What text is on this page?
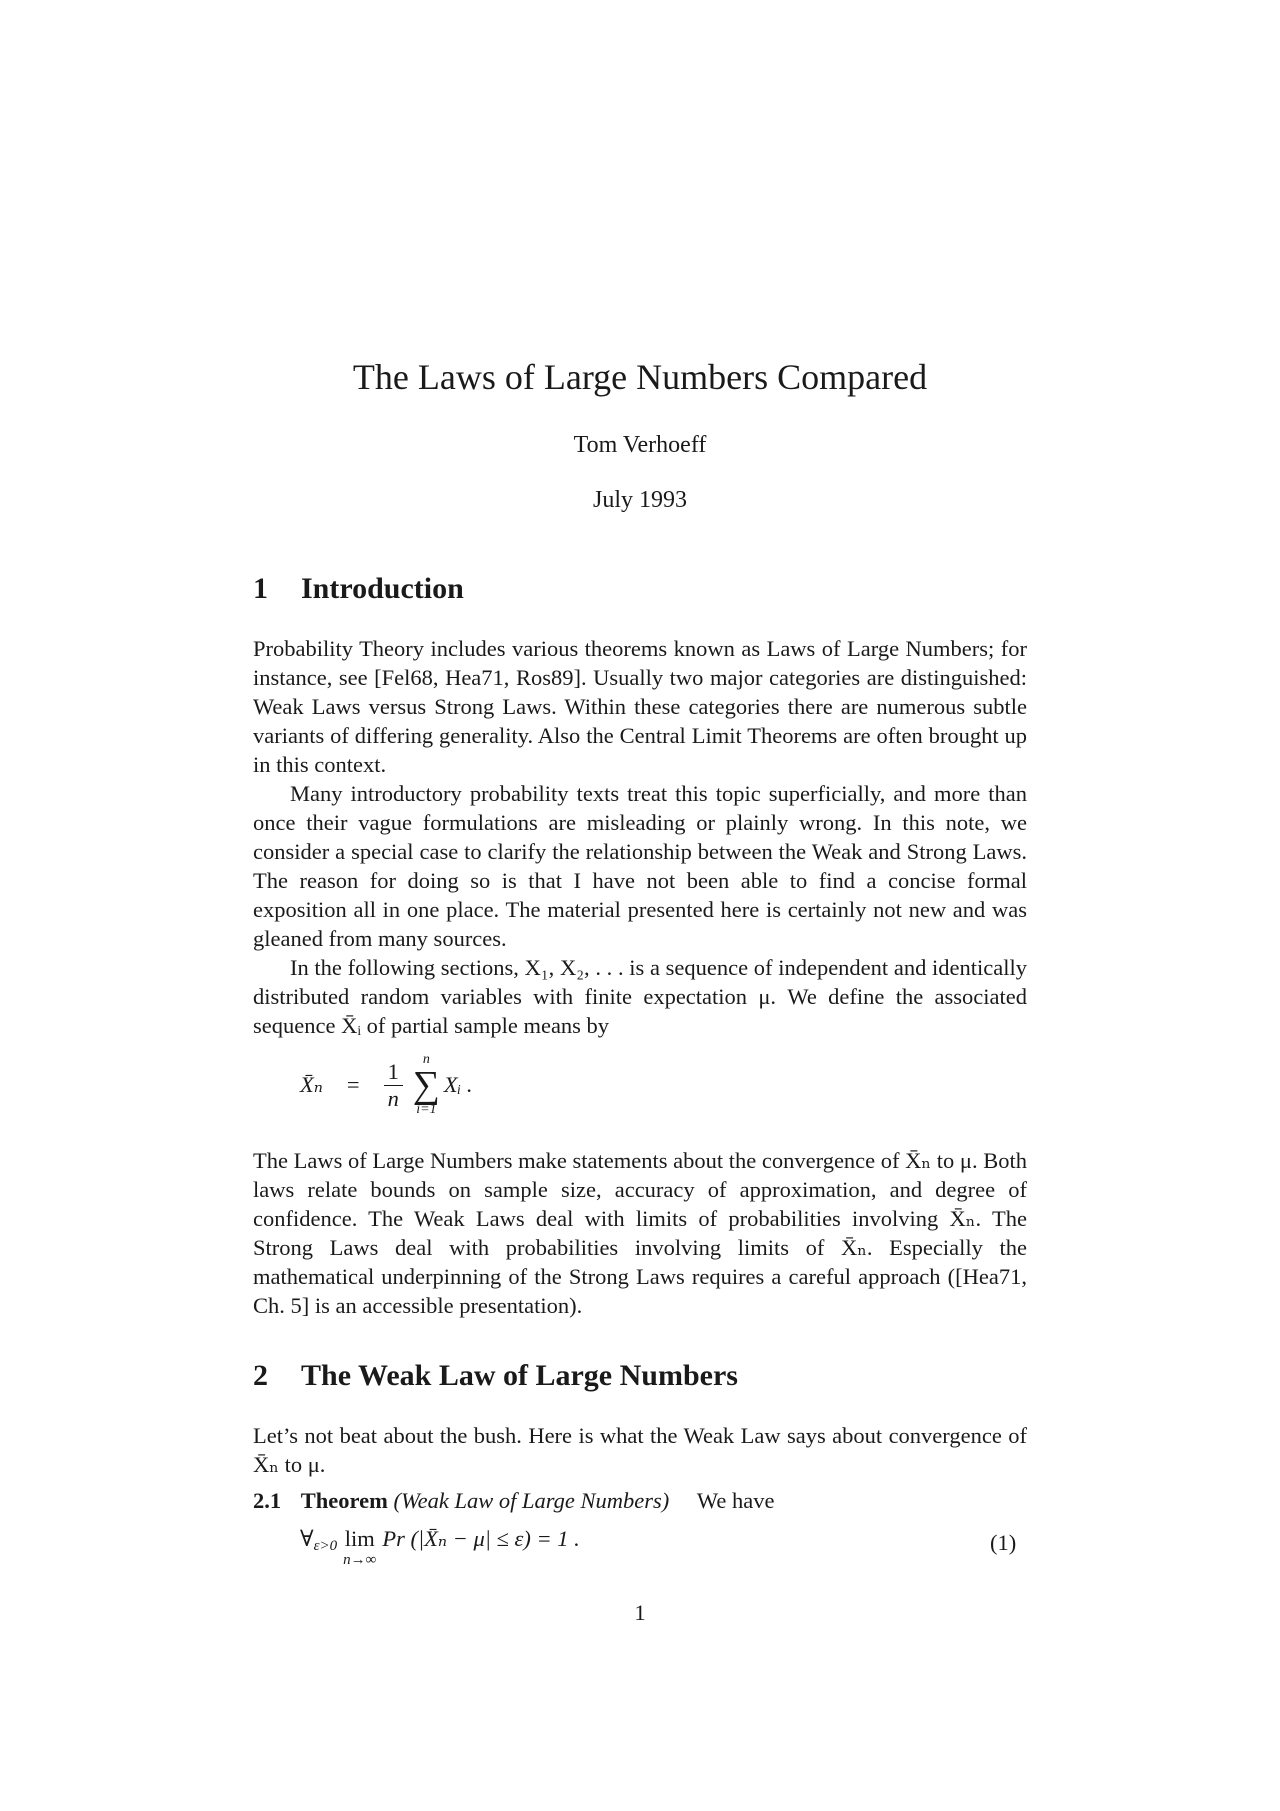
The Laws of Large Numbers Compared
Tom Verhoeff
July 1993
1 Introduction

Probability Theory includes various theorems known as Laws of Large Numbers; for instance, see [Fel68, Hea71, Ros89]. Usually two major categories are distinguished: Weak Laws versus Strong Laws. Within these categories there are numerous subtle variants of differing generality. Also the Central Limit Theorems are often brought up in this context.

Many introductory probability texts treat this topic superficially, and more than once their vague formulations are misleading or plainly wrong. In this note, we consider a special case to clarify the relationship between the Weak and Strong Laws. The reason for doing so is that I have not been able to find a concise formal exposition all in one place. The material presented here is certainly not new and was gleaned from many sources.

In the following sections, X₁, X₂, . . . is a sequence of independent and identically distributed random variables with finite expectation μ. We define the associated sequence X̄ᵢ of partial sample means by

X̄ₙ = $\frac{1}{n}$ n
∑
i=1
Xᵢ .

The Laws of Large Numbers make statements about the convergence of X̄ₙ to μ. Both laws relate bounds on sample size, accuracy of approximation, and degree of confidence. The Weak Laws deal with limits of probabilities involving X̄ₙ. The Strong Laws deal with probabilities involving limits of X̄ₙ. Especially the mathematical underpinning of the Strong Laws requires a careful approach ([Hea71, Ch. 5] is an accessible presentation).

2 The Weak Law of Large Numbers

Let’s not beat about the bush. Here is what the Weak Law says about convergence of X̄ₙ to μ.

2.1 Theorem (Weak Law of Large Numbers) We have
∀ ε>0 lim
n→∞
Pr (|X̄ₙ − μ| ≤ ε) = 1 .	(1)
1
